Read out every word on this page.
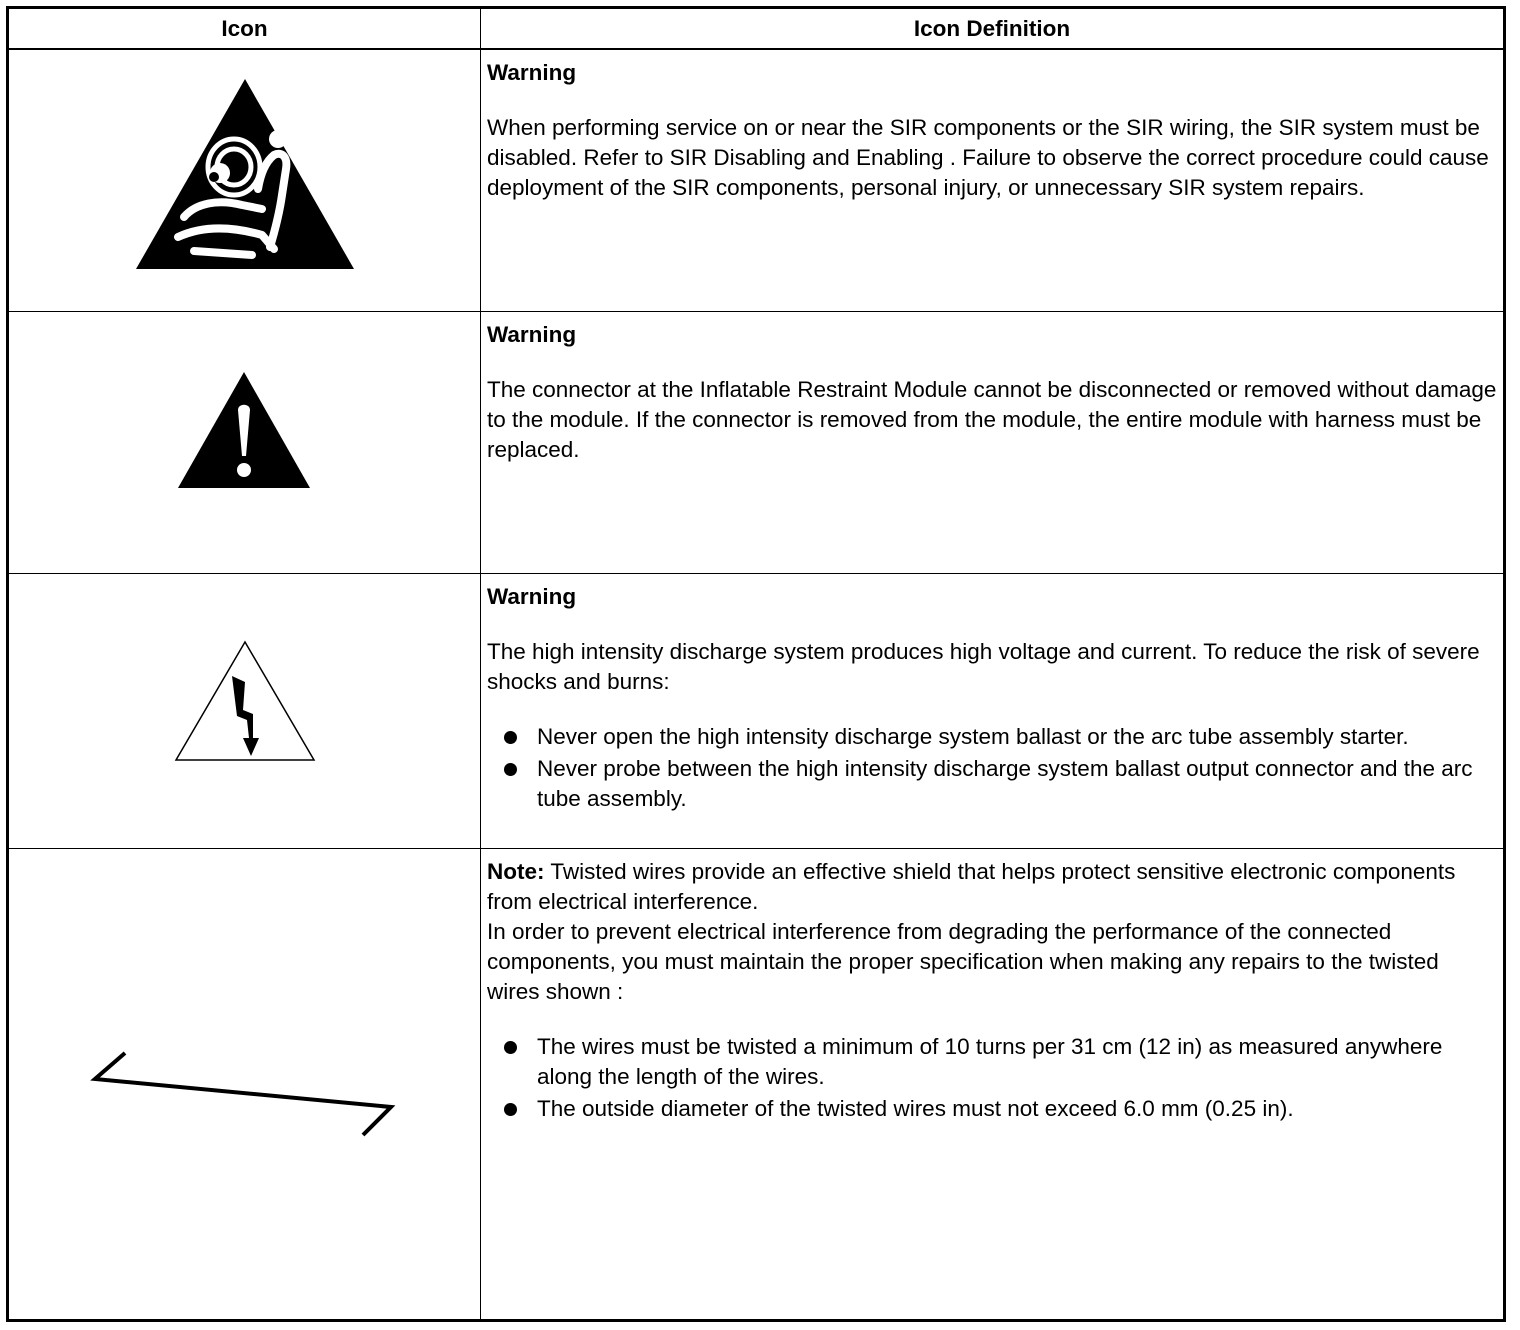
Icon	Icon Definition

Warning

When performing service on or near the SIR components or the SIR wiring, the SIR system must be disabled. Refer to SIR Disabling and Enabling . Failure to observe the correct procedure could cause deployment of the SIR components, personal injury, or unnecessary SIR system repairs.

Warning

The connector at the Inflatable Restraint Module cannot be disconnected or removed without damage to the module. If the connector is removed from the module, the entire module with harness must be replaced.

Warning

The high intensity discharge system produces high voltage and current. To reduce the risk of severe shocks and burns:

Never open the high intensity discharge system ballast or the arc tube assembly starter.
Never probe between the high intensity discharge system ballast output connector and the arc tube assembly.

Note: Twisted wires provide an effective shield that helps protect sensitive electronic components from electrical interference.

In order to prevent electrical interference from degrading the performance of the connected components, you must maintain the proper specification when making any repairs to the twisted wires shown :

The wires must be twisted a minimum of 10 turns per 31 cm (12 in) as measured anywhere along the length of the wires.
The outside diameter of the twisted wires must not exceed 6.0 mm (0.25 in).
